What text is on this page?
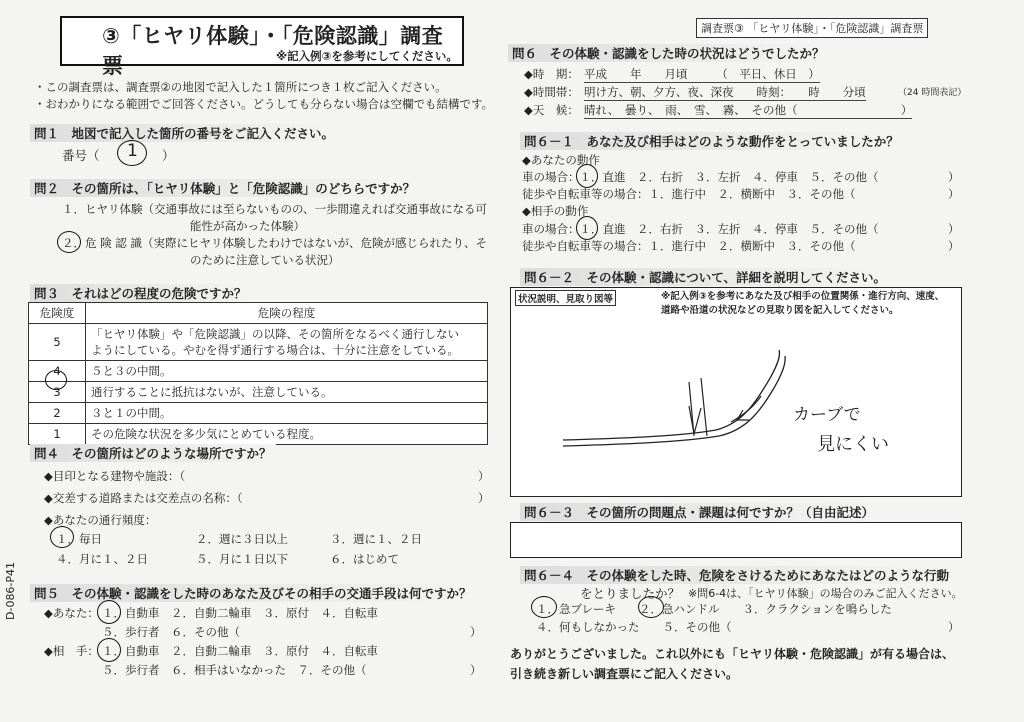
③「ヒヤリ体験」・「危険認識」調査票	※記入例③を参考にしてください。
調査票③ 「ヒヤリ体験」・「危険認識」調査票
・この調査票は、調査票②の地図で記入した１箇所につき１枚ご記入ください。
・おわかりになる範囲でご回答ください。どうしても分らない場合は空欄でも結構です。
問１　地図で記入した箇所の番号をご記入ください。
番号（ 1 ）
問２　その箇所は、「ヒヤリ体験」と「危険認識」のどちらですか？
１．ヒヤリ体験（交通事故には至らないものの、一歩間違えれば交通事故になる可
能性が高かった体験）
２．危 険 認 識（実際にヒヤリ体験したわけではないが、危険が感じられたり、そ
のために注意している状況）
問３　それはどの程度の危険ですか？
危険度	危険の程度
5	「ヒヤリ体験」や「危険認識」の以降、その箇所をなるべく通行しない
ようにしている。やむを得ず通行する場合は、十分に注意をしている。

4	５と３の中間。
3	通行することに抵抗はないが、注意している。
2	３と１の中間。
1	その危険な状況を多少気にとめている程度。
問４　その箇所はどのような場所ですか？
◆目印となる建物や施設：（	）
◆交差する道路または交差点の名称：（	）
◆あなたの通行頻度：
１．毎日	２．週に３日以上	３．週に１、２日
４．月に１、２日	５．月に１日以下	６．はじめて
問５　その体験・認識をした時のあなた及びその相手の交通手段は何ですか？
◆あなた： １．自動車　２．自動二輪車　３．原付　４．自転車
５．歩行者　６．その他（	）
◆相　手： １．自動車　２．自動二輪車　３．原付　４．自転車
５．歩行者　６．相手はいなかった　７．その他（	）
問６　その体験・認識をした時の状況はどうでしたか？
◆時　期： 平成　　年　　月頃　　　（　平日、休日　）
◆時間帯： 明け方、朝、夕方、夜、深夜　　時刻：　　時　　分頃	（24 時間表記）
◆天　候： 晴れ、　曇り、　雨、　雪、　霧、　その他（　　　　　　　　　）
問６－１　あなた及び相手はどのような動作をとっていましたか？
◆あなたの動作
車の場合：１．直進　２．右折　３．左折　４．停車　５．その他（	）
徒歩や自転車等の場合：１．進行中　２．横断中　３．その他（	）
◆相手の動作
車の場合：１．直進　２．右折　３．左折　４．停車　５．その他（	）
徒歩や自転車等の場合：１．進行中　２．横断中　３．その他（	）
問６－２　その体験・認識について、詳細を説明してください。
状況説明、見取り図等	※記入例③を参考にあなた及び相手の位置関係・進行方向、速度、道路や沿道の状況などの見取り図を記入してください。
カーブで
見にくい
問６－３　その箇所の問題点・課題は何ですか？（自由記述）
問６－４　その体験をした時、危険をさけるためにあなたはどのような行動
をとりましたか？ ※問6-4は、「ヒヤリ体験」の場合のみご記入ください。
１．急ブレーキ　　２．急ハンドル　　３．クラクションを鳴らした
４．何もしなかった　　５．その他（	）
ありがとうございました。これ以外にも「ヒヤリ体験・危険認識」が有る場合は、
引き続き新しい調査票にご記入ください。
D-086-P41
